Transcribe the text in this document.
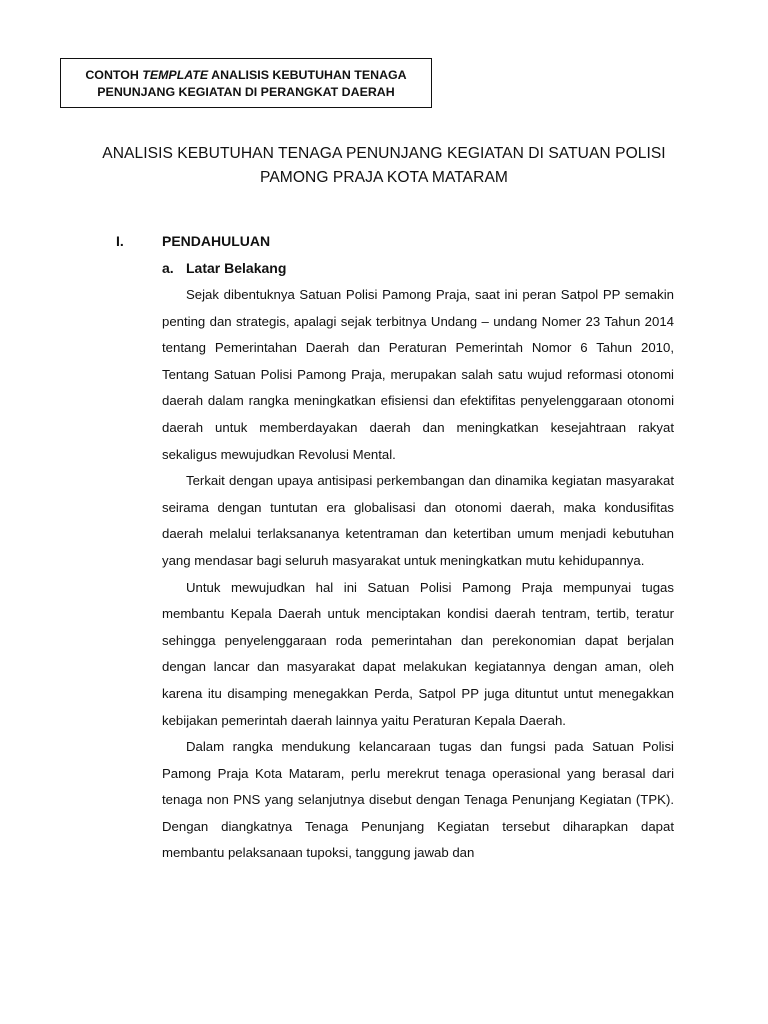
CONTOH TEMPLATE ANALISIS KEBUTUHAN TENAGA
PENUNJANG KEGIATAN DI PERANGKAT DAERAH
ANALISIS KEBUTUHAN TENAGA PENUNJANG KEGIATAN DI SATUAN POLISI
PAMONG PRAJA KOTA MATARAM
I.	PENDAHULUAN
a. Latar Belakang

Sejak dibentuknya Satuan Polisi Pamong Praja, saat ini peran Satpol PP semakin penting dan strategis, apalagi sejak terbitnya Undang – undang Nomer 23 Tahun 2014 tentang Pemerintahan Daerah dan Peraturan Pemerintah Nomor 6 Tahun 2010, Tentang Satuan Polisi Pamong Praja, merupakan salah satu wujud reformasi otonomi daerah dalam rangka meningkatkan efisiensi dan efektifitas penyelenggaraan otonomi daerah untuk memberdayakan daerah dan meningkatkan kesejahtraan rakyat sekaligus mewujudkan Revolusi Mental.

Terkait dengan upaya antisipasi perkembangan dan dinamika kegiatan masyarakat seirama dengan tuntutan era globalisasi dan otonomi daerah, maka kondusifitas daerah melalui terlaksananya ketentraman dan ketertiban umum menjadi kebutuhan yang mendasar bagi seluruh masyarakat untuk meningkatkan mutu kehidupannya.

Untuk mewujudkan hal ini Satuan Polisi Pamong Praja mempunyai tugas membantu Kepala Daerah untuk menciptakan kondisi daerah tentram, tertib, teratur sehingga penyelenggaraan roda pemerintahan dan perekonomian dapat berjalan dengan lancar dan masyarakat dapat melakukan kegiatannya dengan aman, oleh karena itu disamping menegakkan Perda, Satpol PP juga dituntut untut menegakkan kebijakan pemerintah daerah lainnya yaitu Peraturan Kepala Daerah.

Dalam rangka mendukung kelancaraan tugas dan fungsi pada Satuan Polisi Pamong Praja Kota Mataram, perlu merekrut tenaga operasional yang berasal dari tenaga non PNS yang selanjutnya disebut dengan Tenaga Penunjang Kegiatan (TPK). Dengan diangkatnya Tenaga Penunjang Kegiatan tersebut diharapkan dapat membantu pelaksanaan tupoksi, tanggung jawab dan
